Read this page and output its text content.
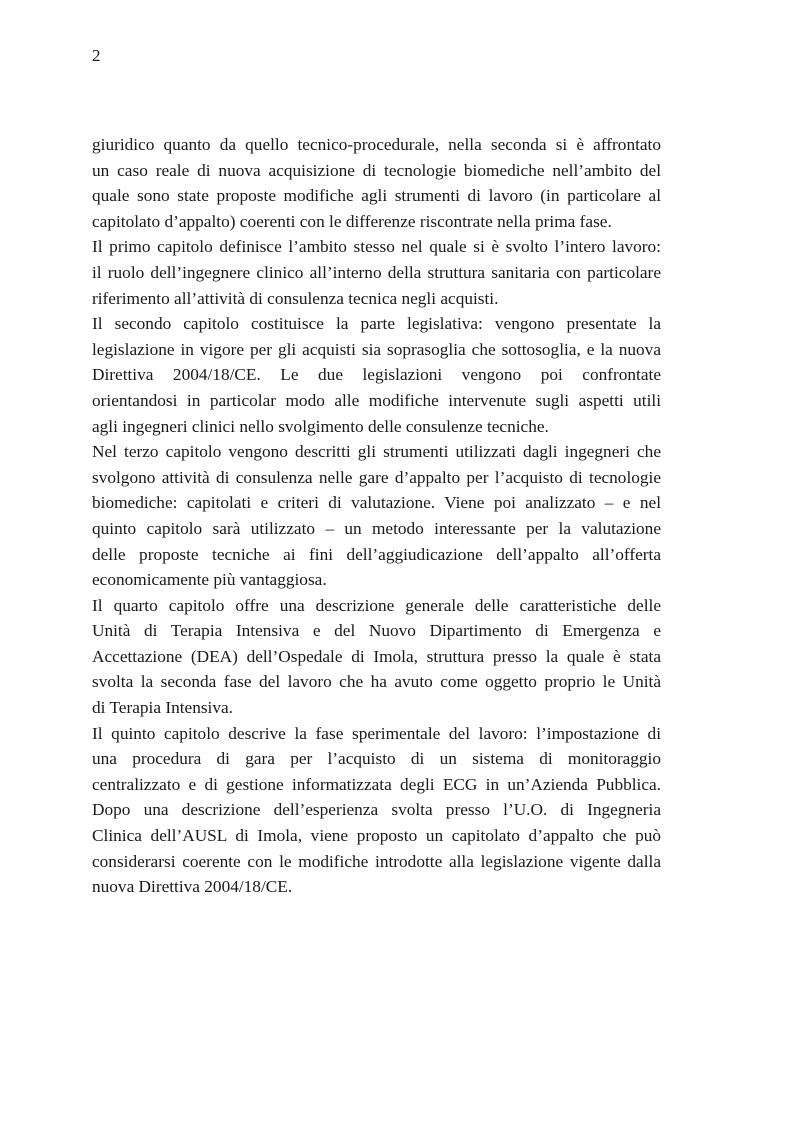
2
giuridico quanto da quello tecnico-procedurale, nella seconda si è affrontato
un caso reale di nuova acquisizione di tecnologie biomediche nell’ambito del
quale sono state proposte modifiche agli strumenti di lavoro (in particolare al
capitolato d’appalto) coerenti con le differenze riscontrate nella prima fase.
Il primo capitolo definisce l’ambito stesso nel quale si è svolto l’intero lavoro:
il ruolo dell’ingegnere clinico all’interno della struttura sanitaria con particolare
riferimento all’attività di consulenza tecnica negli acquisti.
Il secondo capitolo costituisce la parte legislativa: vengono presentate la
legislazione in vigore per gli acquisti sia soprasoglia che sottosoglia, e la nuova
Direttiva 2004/18/CE. Le due legislazioni vengono poi confrontate
orientandosi in particolar modo alle modifiche intervenute sugli aspetti utili
agli ingegneri clinici nello svolgimento delle consulenze tecniche.
Nel terzo capitolo vengono descritti gli strumenti utilizzati dagli ingegneri che
svolgono attività di consulenza nelle gare d’appalto per l’acquisto di tecnologie
biomediche: capitolati e criteri di valutazione. Viene poi analizzato – e nel
quinto capitolo sarà utilizzato – un metodo interessante per la valutazione
delle proposte tecniche ai fini dell’aggiudicazione dell’appalto all’offerta
economicamente più vantaggiosa.
Il quarto capitolo offre una descrizione generale delle caratteristiche delle
Unità di Terapia Intensiva e del Nuovo Dipartimento di Emergenza e
Accettazione (DEA) dell’Ospedale di Imola, struttura presso la quale è stata
svolta la seconda fase del lavoro che ha avuto come oggetto proprio le Unità
di Terapia Intensiva.
Il quinto capitolo descrive la fase sperimentale del lavoro: l’impostazione di
una procedura di gara per l’acquisto di un sistema di monitoraggio
centralizzato e di gestione informatizzata degli ECG in un’Azienda Pubblica.
Dopo una descrizione dell’esperienza svolta presso l’U.O. di Ingegneria
Clinica dell’AUSL di Imola, viene proposto un capitolato d’appalto che può
considerarsi coerente con le modifiche introdotte alla legislazione vigente dalla
nuova Direttiva 2004/18/CE.
